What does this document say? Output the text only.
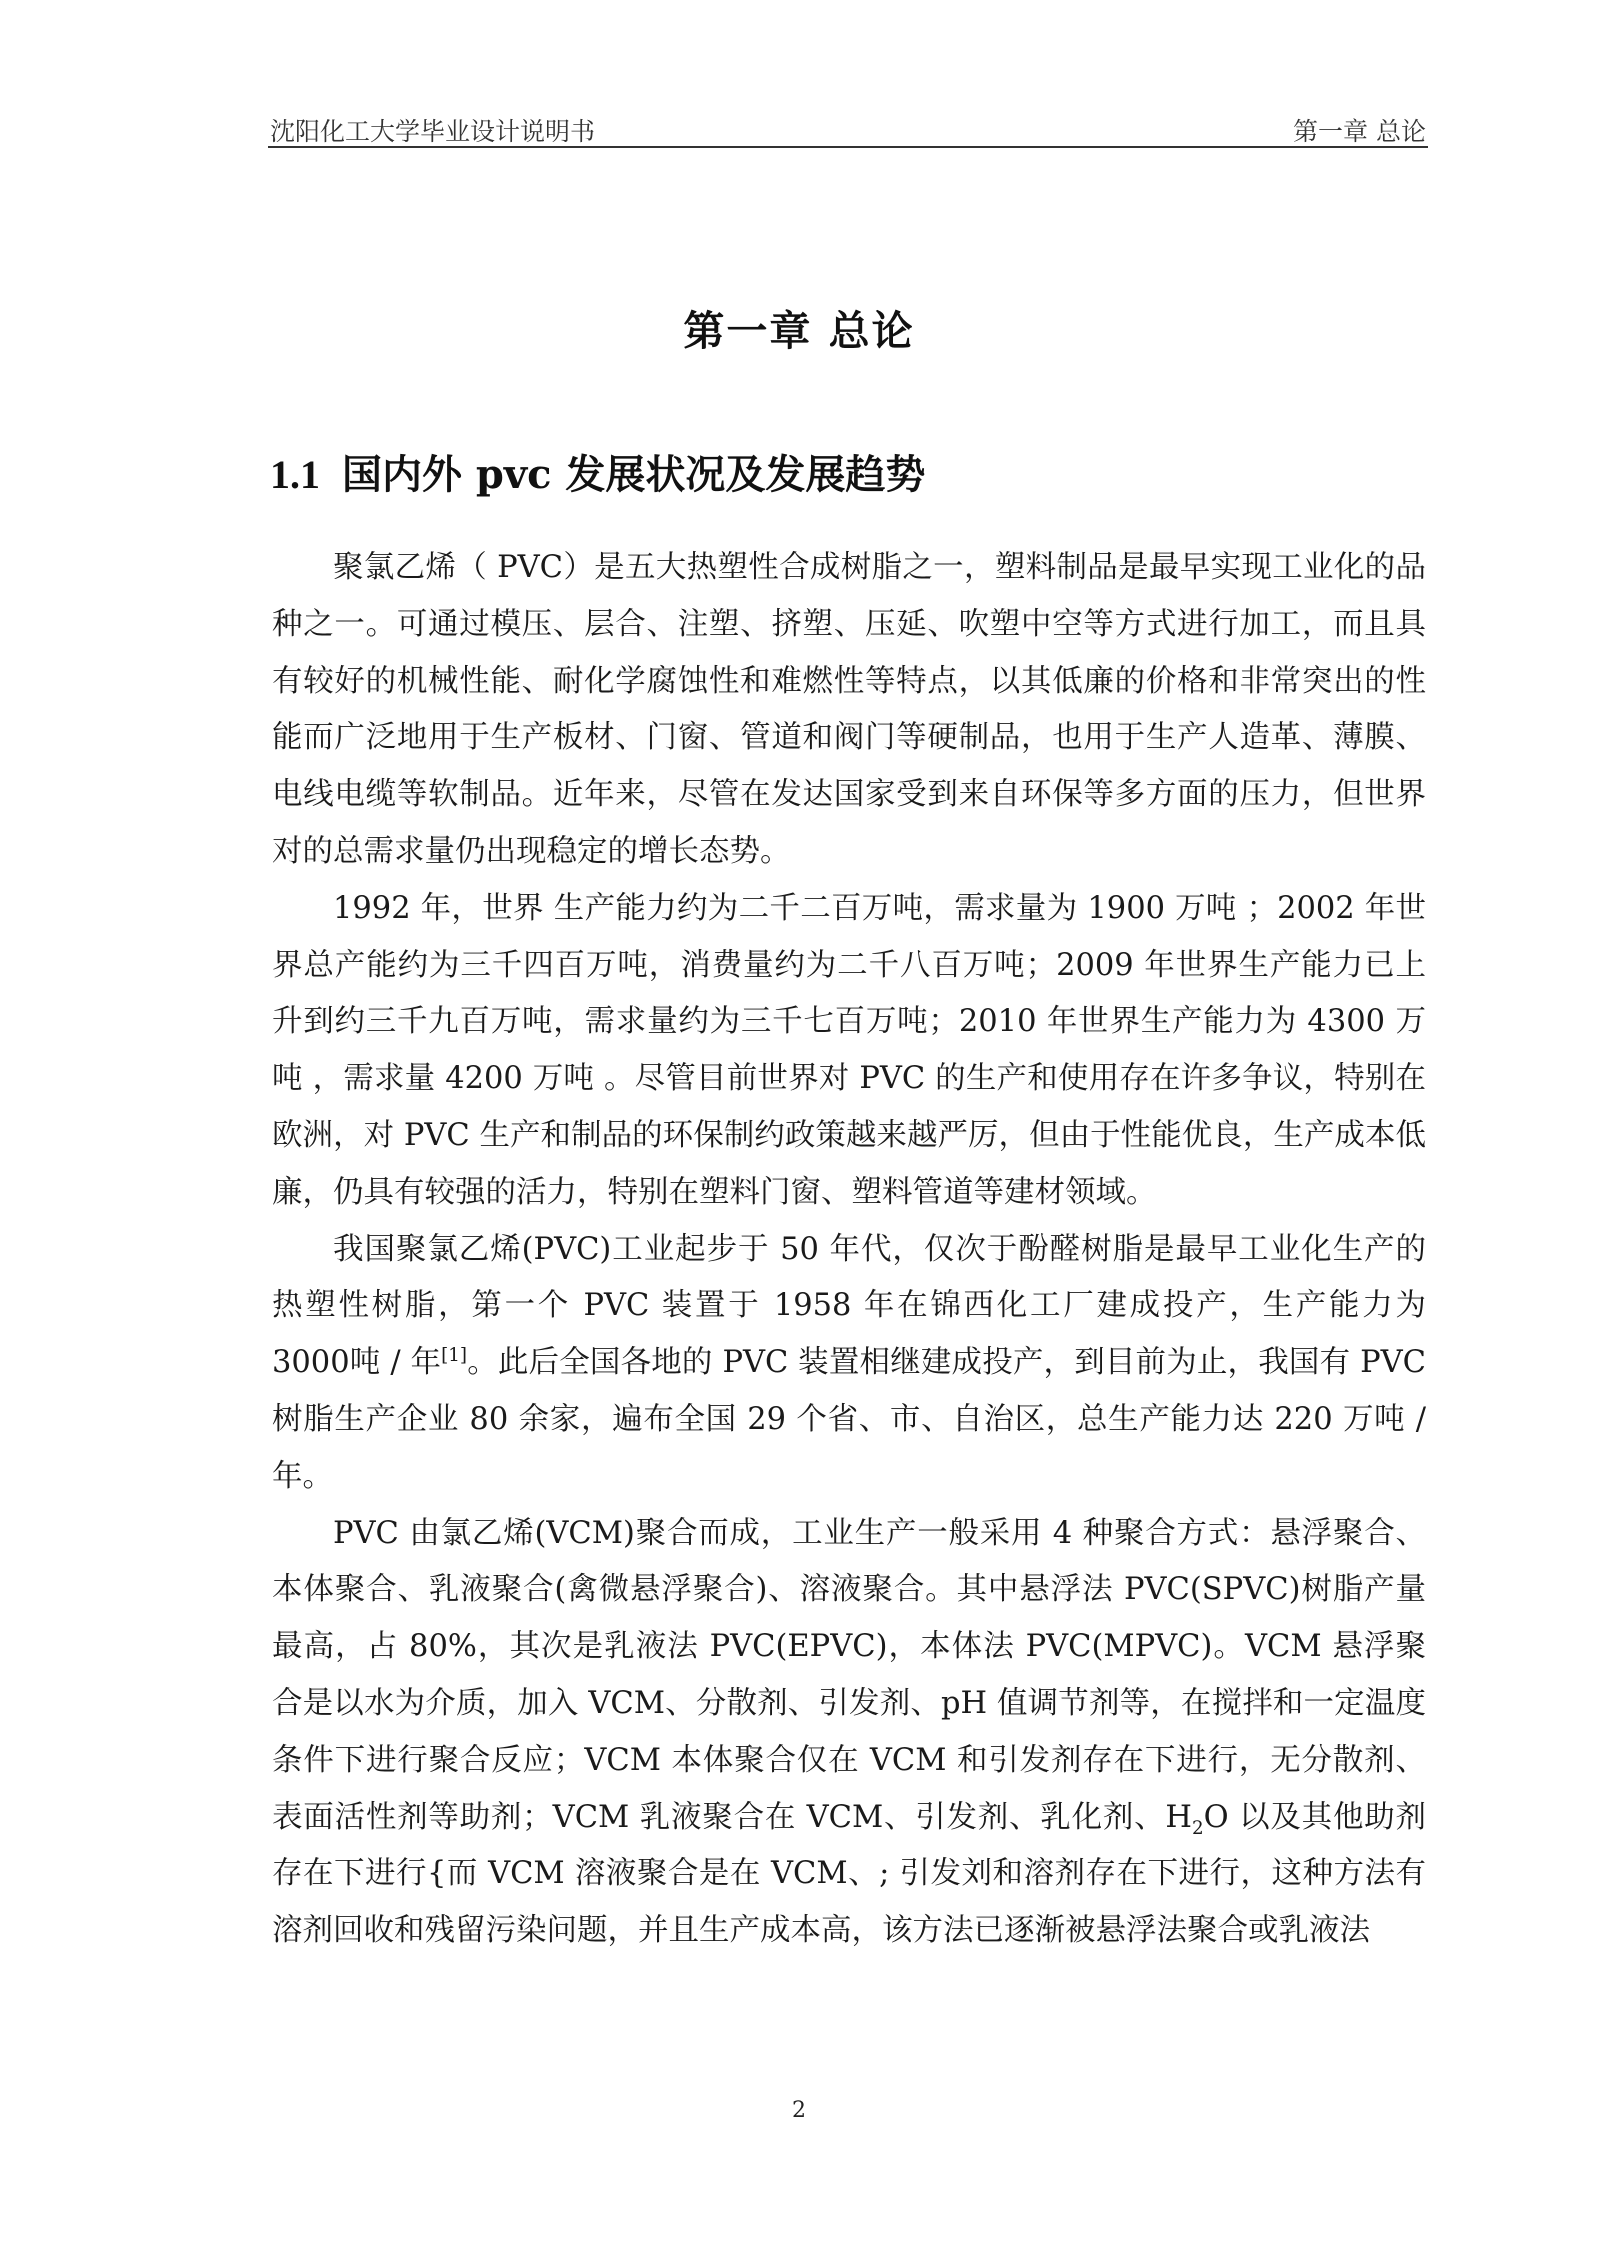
沈阳化工大学毕业设计说明书	第一章 总论
第一章 总论
1.1 国内外 pvc 发展状况及发展趋势

聚氯乙烯（ PVC）是五大热塑性合成树脂之一，塑料制品是最早实现工业化的品种之一。可通过模压、层合、注塑、挤塑、压延、吹塑中空等方式进行加工，而且具有较好的机械性能、耐化学腐蚀性和难燃性等特点，以其低廉的价格和非常突出的性能而广泛地用于生产板材、门窗、管道和阀门等硬制品，也用于生产人造革、薄膜、电线电缆等软制品。近年来，尽管在发达国家受到来自环保等多方面的压力，但世界对的总需求量仍出现稳定的增长态势。

1992 年，世界 生产能力约为二千二百万吨，需求量为 1900 万吨 ；2002 年世界总产能约为三千四百万吨，消费量约为二千八百万吨；2009 年世界生产能力已上升到约三千九百万吨，需求量约为三千七百万吨；2010 年世界生产能力为 4300 万吨 ，需求量 4200 万吨 。尽管目前世界对 PVC 的生产和使用存在许多争议，特别在欧洲，对 PVC 生产和制品的环保制约政策越来越严厉，但由于性能优良，生产成本低廉，仍具有较强的活力，特别在塑料门窗、塑料管道等建材领域。

我国聚氯乙烯(PVC)工业起步于 50 年代，仅次于酚醛树脂是最早工业化生产的热塑性树脂，第一个 PVC 装置于 1958 年在锦西化工厂建成投产，生产能力为 3000吨 / 年[1]。此后全国各地的 PVC 装置相继建成投产，到目前为止，我国有 PVC 树脂生产企业 80 余家，遍布全国 29 个省、市、自治区，总生产能力达 220 万吨 / 年。

PVC 由氯乙烯(VCM)聚合而成，工业生产一般采用 4 种聚合方式：悬浮聚合、本体聚合、乳液聚合(禽微悬浮聚合)、溶液聚合。其中悬浮法 PVC(SPVC)树脂产量最高，占 80%，其次是乳液法 PVC(EPVC)，本体法 PVC(MPVC)。VCM 悬浮聚合是以水为介质，加入 VCM、分散剂、引发剂、pH 值调节剂等，在搅拌和一定温度条件下进行聚合反应；VCM 本体聚合仅在 VCM 和引发剂存在下进行，无分散剂、表面活性剂等助剂；VCM 乳液聚合在 VCM、引发剂、乳化剂、$H_2O$ 以及其他助剂存在下进行{而 VCM 溶液聚合是在 VCM、; 引发刘和溶剂存在下进行，这种方法有溶剂回收和残留污染问题，并且生产成本高，该方法已逐渐被悬浮法聚合或乳液法

2
